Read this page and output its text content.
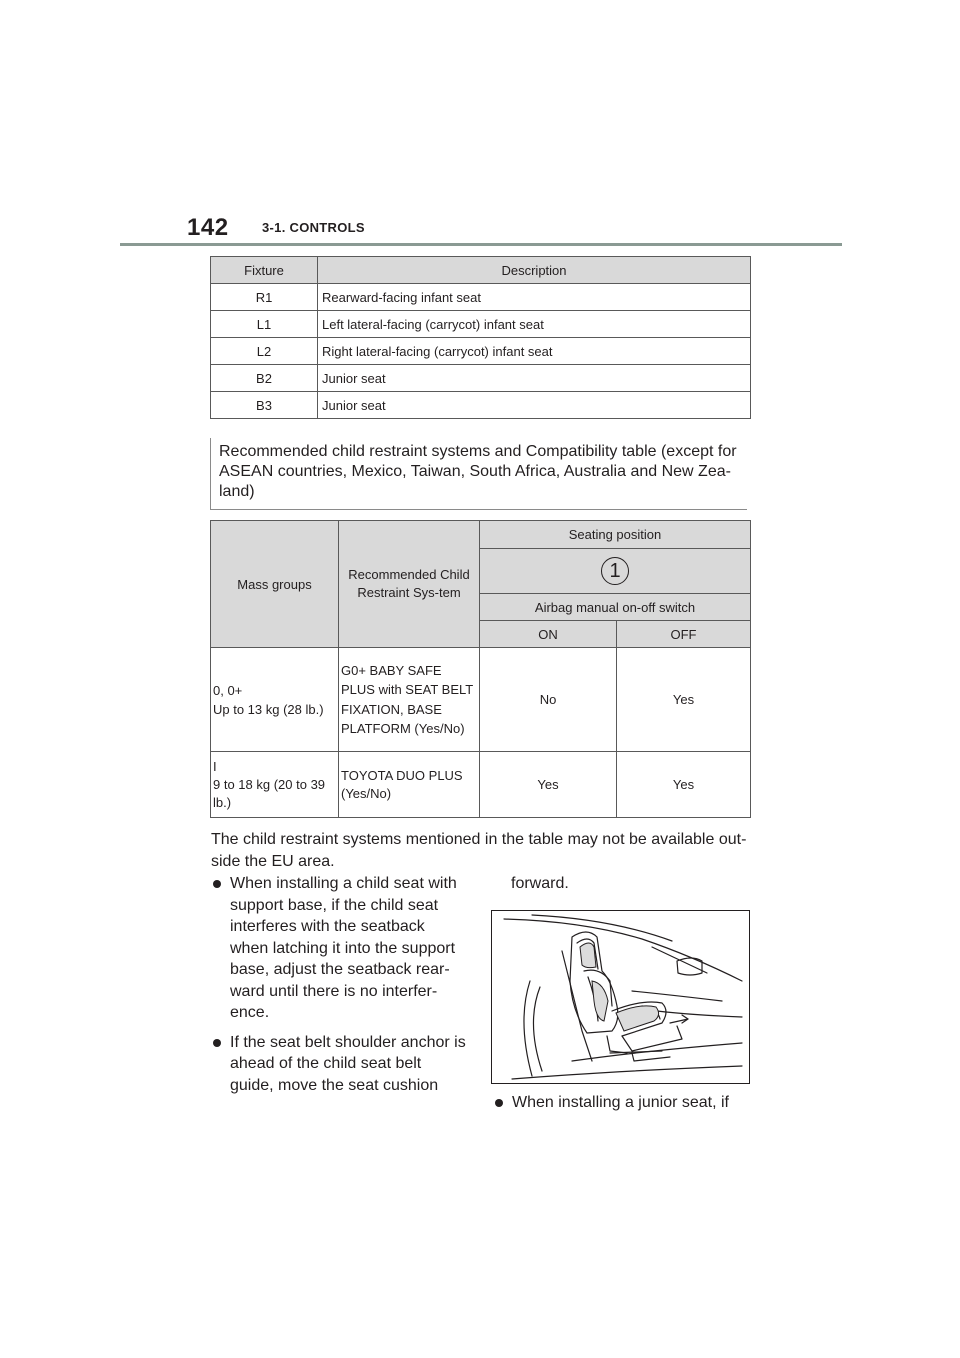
142	3-1. CONTROLS
Fixture	Description
R1	Rearward-facing infant seat
L1	Left lateral-facing (carrycot) infant seat
L2	Right lateral-facing (carrycot) infant seat
B2	Junior seat
B3	Junior seat
Recommended child restraint systems and Compatibility table (except for ASEAN countries, Mexico, Taiwan, South Africa, Australia and New Zea-land)
Mass groups	Recommended Child Restraint Sys-tem	Seating position	
		1	
		Airbag manual on-off switch	
		ON	OFF

0, 0+
Up to 13 kg (28 lb.)	G0+ BABY SAFE PLUS with SEAT BELT FIXATION, BASE PLATFORM (Yes/No)	No	Yes

I
9 to 18 kg (20 to 39 lb.)	TOYOTA DUO PLUS (Yes/No)	Yes	Yes
The child restraint systems mentioned in the table may not be available out-side the EU area.
When installing a child seat with support base, if the child seat interferes with the seatback when latching it into the support base, adjust the seatback rear-ward until there is no interfer-ence.
If the seat belt shoulder anchor is ahead of the child seat belt guide, move the seat cushion
forward.
When installing a junior seat, if
